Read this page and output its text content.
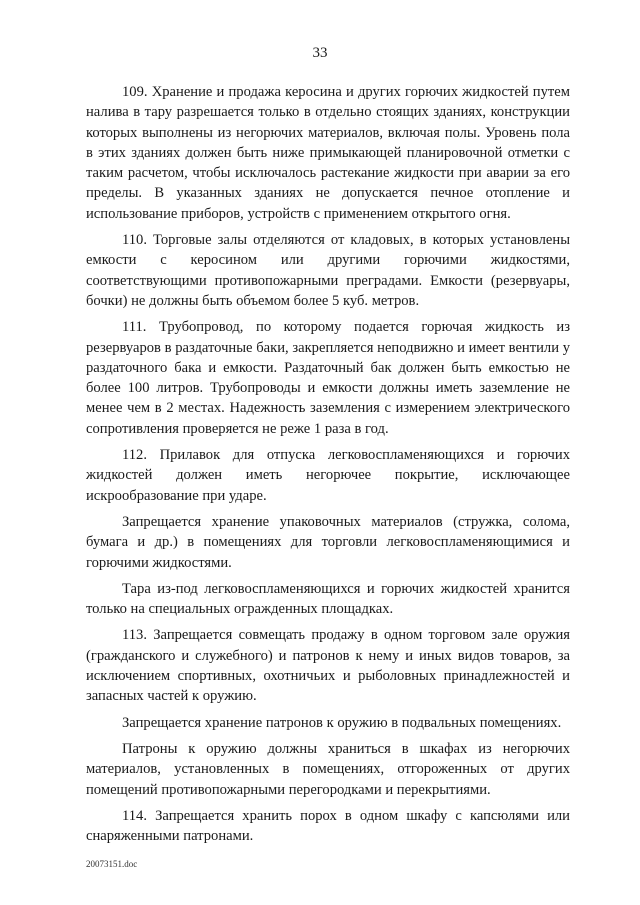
33

109. Хранение и продажа керосина и других горючих жидкостей путем налива в тару разрешается только в отдельно стоящих зданиях, конструкции которых выполнены из негорючих материалов, включая полы. Уровень пола в этих зданиях должен быть ниже примыкающей планировочной отметки с таким расчетом, чтобы исключалось растекание жидкости при аварии за его пределы. В указанных зданиях не допускается печное отопление и использование приборов, устройств с применением открытого огня.

110. Торговые залы отделяются от кладовых, в которых установлены емкости с керосином или другими горючими жидкостями, соответствующими противопожарными преградами. Емкости (резервуары, бочки) не должны быть объемом более 5 куб. метров.

111. Трубопровод, по которому подается горючая жидкость из резервуаров в раздаточные баки, закрепляется неподвижно и имеет вентили у раздаточного бака и емкости. Раздаточный бак должен быть емкостью не более 100 литров. Трубопроводы и емкости должны иметь заземление не менее чем в 2 местах. Надежность заземления с измерением электрического сопротивления проверяется не реже 1 раза в год.

112. Прилавок для отпуска легковоспламеняющихся и горючих жидкостей должен иметь негорючее покрытие, исключающее искрообразование при ударе.

Запрещается хранение упаковочных материалов (стружка, солома, бумага и др.) в помещениях для торговли легковоспламеняющимися и горючими жидкостями.

Тара из-под легковоспламеняющихся и горючих жидкостей хранится только на специальных огражденных площадках.

113. Запрещается совмещать продажу в одном торговом зале оружия (гражданского и служебного) и патронов к нему и иных видов товаров, за исключением спортивных, охотничьих и рыболовных принадлежностей и запасных частей к оружию.

Запрещается хранение патронов к оружию в подвальных помещениях.

Патроны к оружию должны храниться в шкафах из негорючих материалов, установленных в помещениях, отгороженных от других помещений противопожарными перегородками и перекрытиями.

114. Запрещается хранить порох в одном шкафу с капсюлями или снаряженными патронами.

20073151.doc
